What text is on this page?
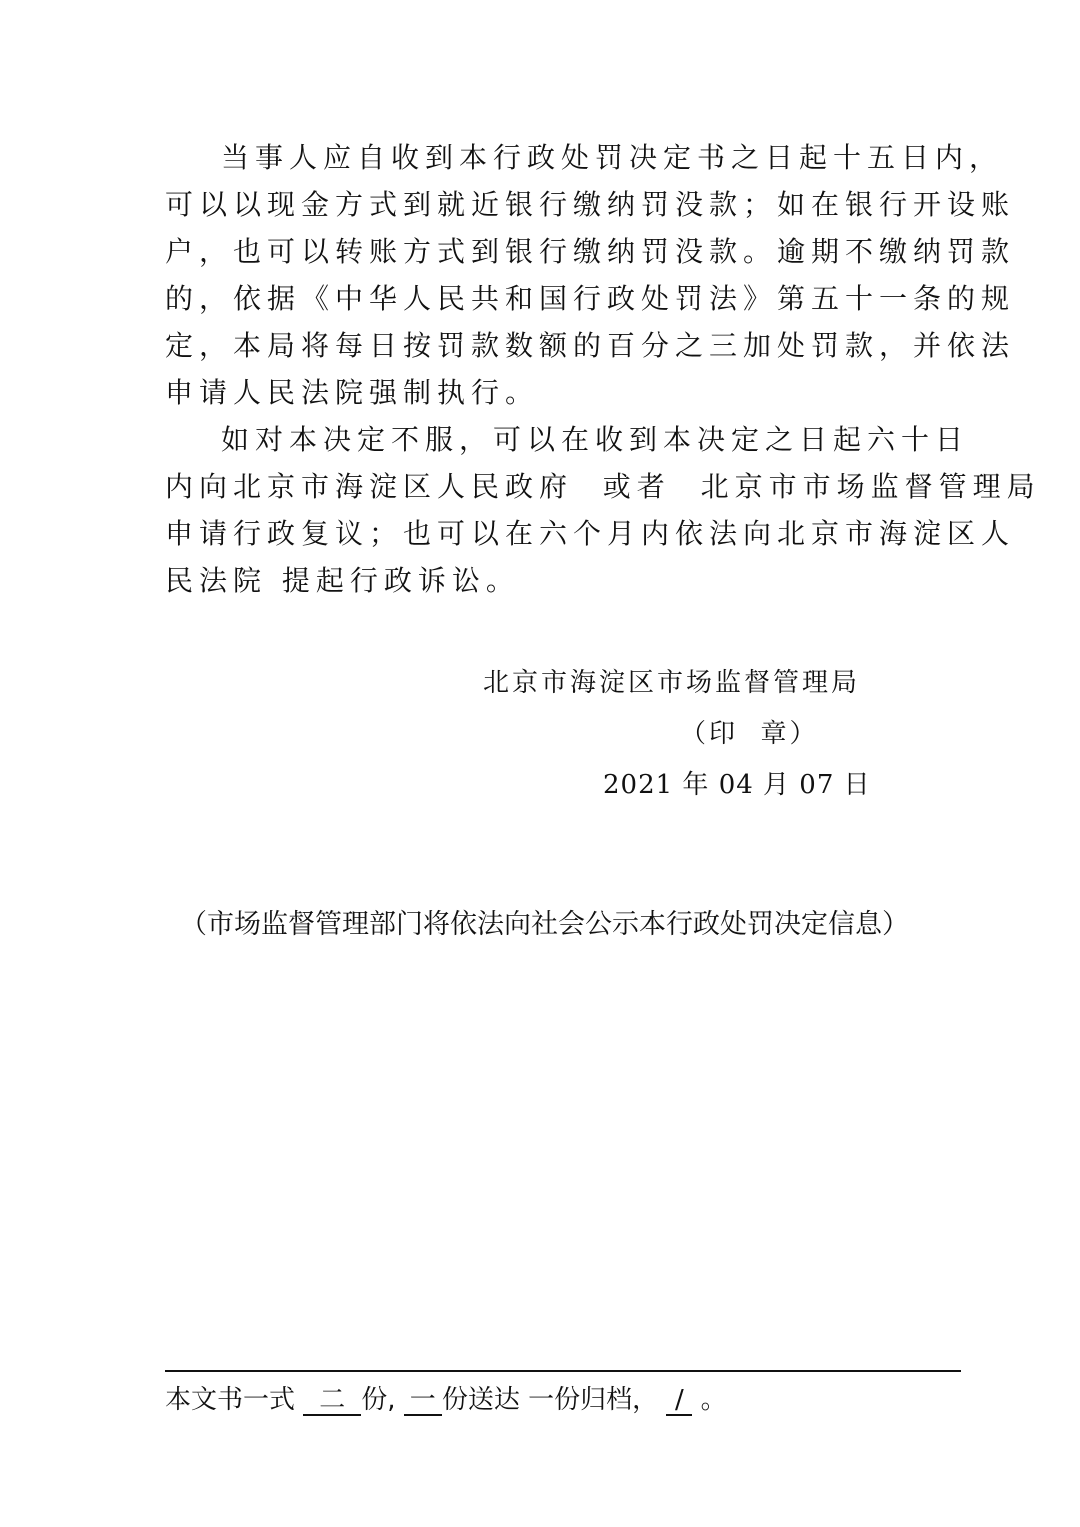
当事人应自收到本行政处罚决定书之日起十五日内，
可以以现金方式到就近银行缴纳罚没款；如在银行开设账
户，也可以转账方式到银行缴纳罚没款。逾期不缴纳罚款
的，依据《中华人民共和国行政处罚法》第五十一条的规
定，本局将每日按罚款数额的百分之三加处罚款，并依法
申请人民法院强制执行。
如对本决定不服，可以在收到本决定之日起六十日
内向北京市海淀区人民政府  或者  北京市市场监督管理局
申请行政复议；也可以在六个月内依法向北京市海淀区人
民法院 提起行政诉讼。
北京市海淀区市场监督管理局
（印  章）
2021 年 04 月 07 日
（市场监督管理部门将依法向社会公示本行政处罚决定信息）
本文书一式 二 份, 一 份送达 一份归档， / 。
